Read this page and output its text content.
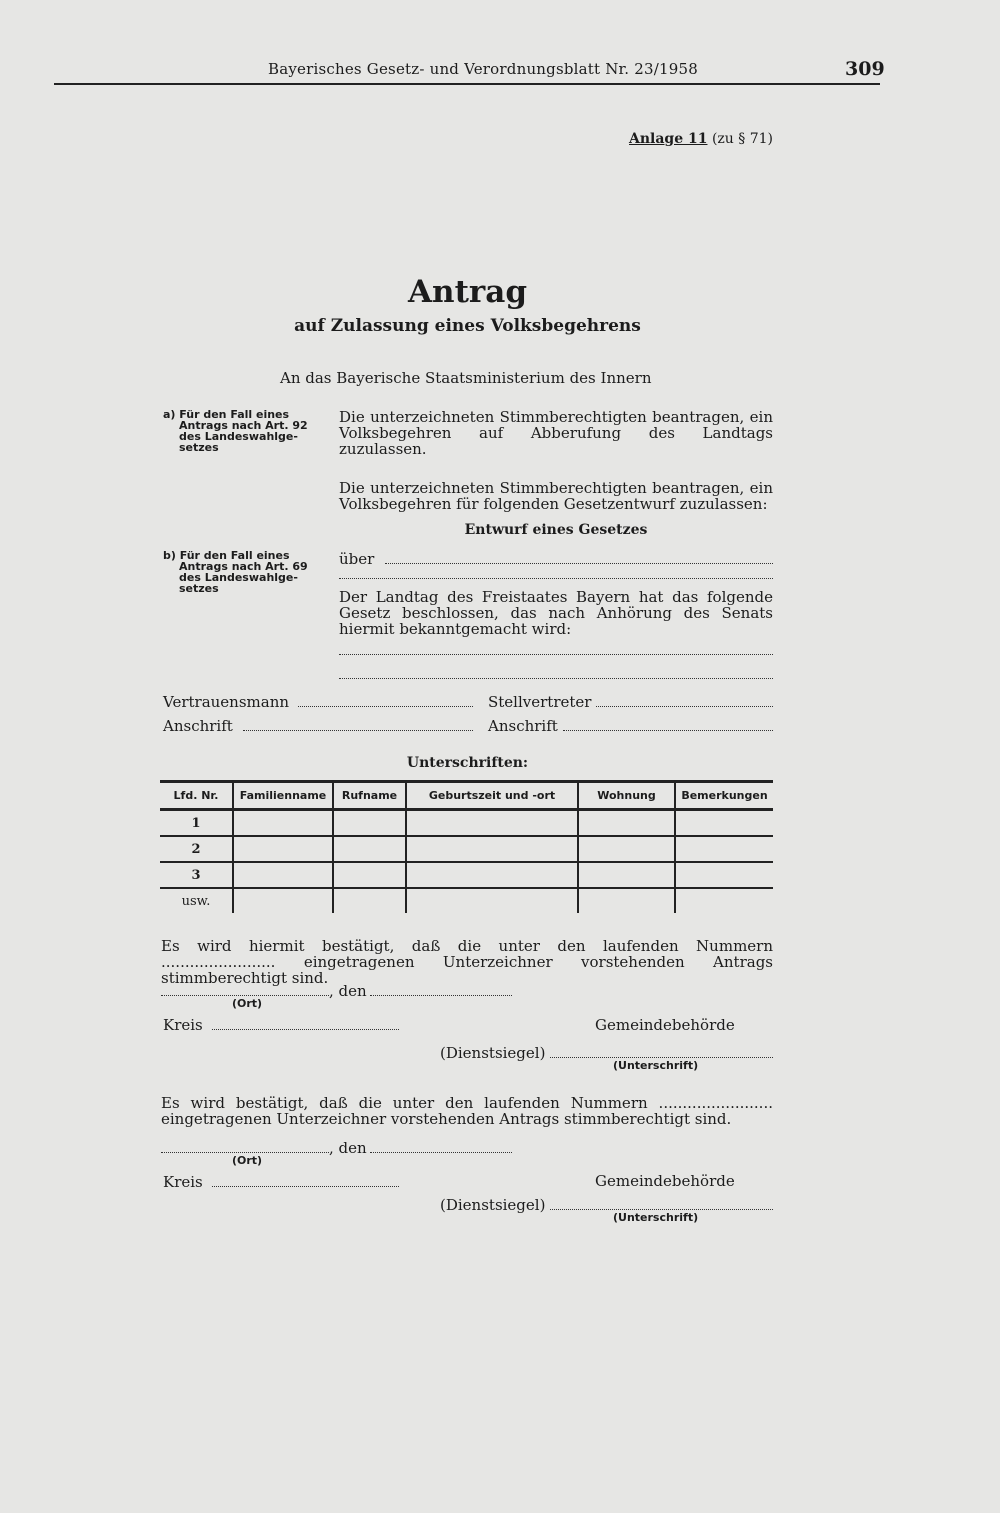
Bayerisches Gesetz- und Verordnungsblatt Nr. 23/1958	309
Anlage 11 (zu § 71)
Antrag
auf Zulassung eines Volksbegehrens
An das Bayerische Staatsministerium des Innern
a) Für den Fall eines
Antrags nach Art. 92
des Landeswahlge-
setzes
Die unterzeichneten Stimmberechtigten beantragen, ein Volksbegehren auf Abberufung des Landtags zuzulassen.
Die unterzeichneten Stimmberechtigten beantragen, ein Volksbegehren für folgenden Gesetzentwurf zuzulassen:
Entwurf eines Gesetzes
b) Für den Fall eines
Antrags nach Art. 69
des Landeswahlge-
setzes
über
Der Landtag des Freistaates Bayern hat das folgende Gesetz beschlossen, das nach Anhörung des Senats hiermit bekanntgemacht wird:
Vertrauensmann	Stellvertreter
Anschrift	Anschrift
Unterschriften:
Lfd. Nr.	Familienname	Rufname	Geburtszeit und -ort	Wohnung	Bemerkungen
1					
2					
3					
usw.					
Es wird hiermit bestätigt, daß die unter den laufenden Nummern ........................ eingetragenen Unterzeichner vorstehenden Antrags stimmberechtigt sind.
, den
(Ort)
Kreis	Gemeindebehörde
(Dienstsiegel)
(Unterschrift)
Es wird bestätigt, daß die unter den laufenden Nummern ........................ eingetragenen Unterzeichner vorstehenden Antrags stimmberechtigt sind.
, den
(Ort)
Kreis	Gemeindebehörde
(Dienstsiegel)
(Unterschrift)
